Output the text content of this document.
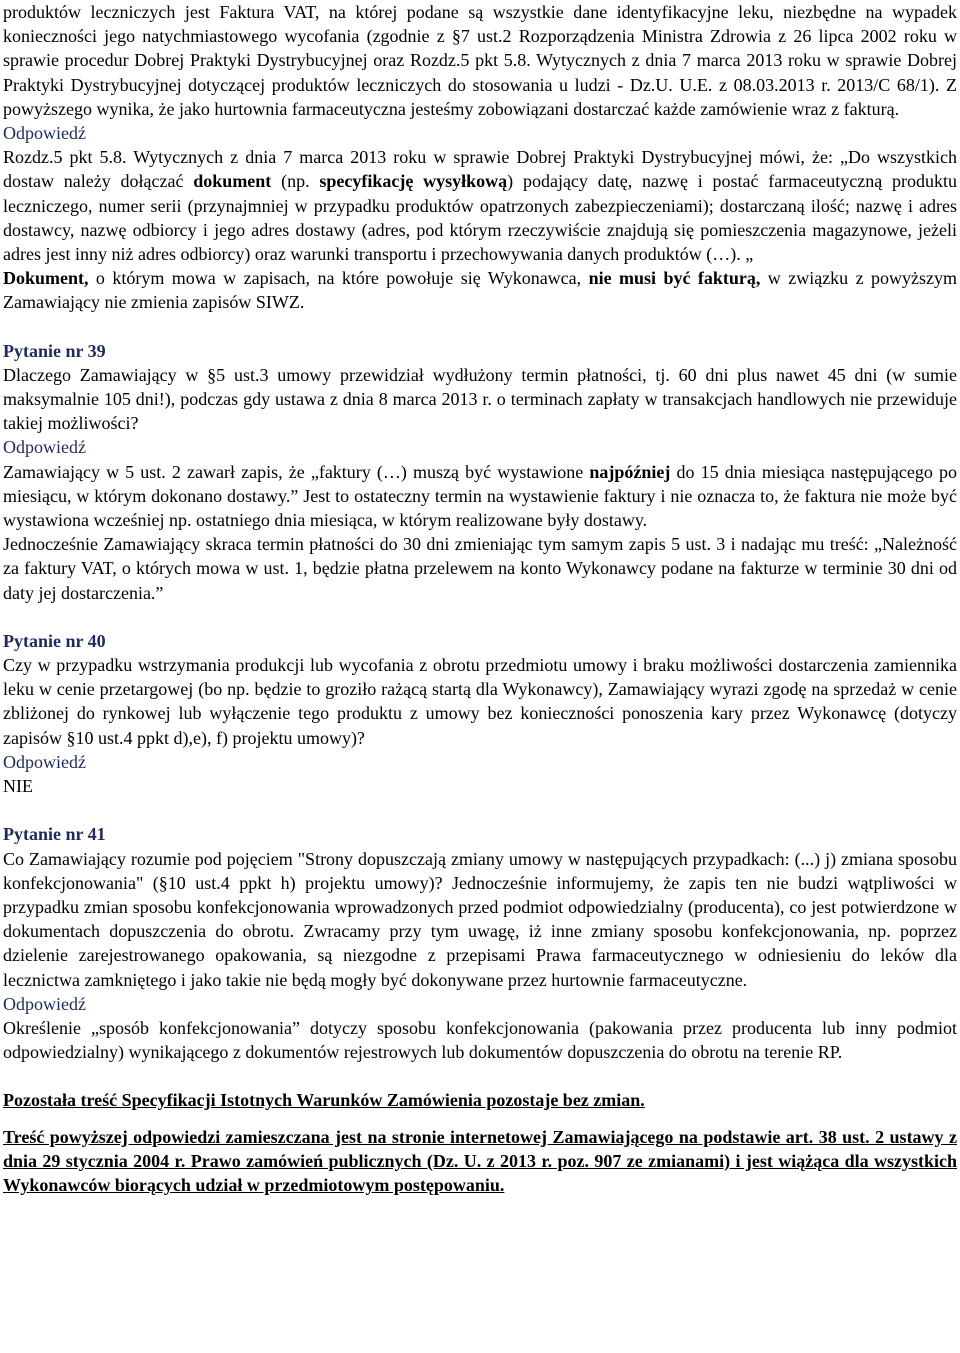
produktów leczniczych jest Faktura VAT, na której podane są wszystkie dane identyfikacyjne leku, niezbędne na wypadek konieczności jego natychmiastowego wycofania (zgodnie z §7 ust.2 Rozporządzenia Ministra Zdrowia z 26 lipca 2002 roku w sprawie procedur Dobrej Praktyki Dystrybucyjnej oraz Rozdz.5 pkt 5.8. Wytycznych z dnia 7 marca 2013 roku w sprawie Dobrej Praktyki Dystrybucyjnej dotyczącej produktów leczniczych do stosowania u ludzi - Dz.U. U.E. z 08.03.2013 r. 2013/C 68/1). Z powyższego wynika, że jako hurtownia farmaceutyczna jesteśmy zobowiązani dostarczać każde zamówienie wraz z fakturą.

Odpowiedź

Rozdz.5 pkt 5.8. Wytycznych z dnia 7 marca 2013 roku w sprawie Dobrej Praktyki Dystrybucyjnej mówi, że: „Do wszystkich dostaw należy dołączać dokument (np. specyfikację wysyłkową) podający datę, nazwę i postać farmaceutyczną produktu leczniczego, numer serii (przynajmniej w przypadku produktów opatrzonych zabezpieczeniami); dostarczaną ilość; nazwę i adres dostawcy, nazwę odbiorcy i jego adres dostawy (adres, pod którym rzeczywiście znajdują się pomieszczenia magazynowe, jeżeli adres jest inny niż adres odbiorcy) oraz warunki transportu i przechowywania danych produktów (…). „

Dokument, o którym mowa w zapisach, na które powołuje się Wykonawca, nie musi być fakturą, w związku z powyższym Zamawiający nie zmienia zapisów SIWZ.

Pytanie nr 39

Dlaczego Zamawiający w §5 ust.3 umowy przewidział wydłużony termin płatności, tj. 60 dni plus nawet 45 dni (w sumie maksymalnie 105 dni!), podczas gdy ustawa z dnia 8 marca 2013 r. o terminach zapłaty w transakcjach handlowych nie przewiduje takiej możliwości?

Odpowiedź

Zamawiający w 5 ust. 2 zawarł zapis, że „faktury (…) muszą być wystawione najpóźniej do 15 dnia miesiąca następującego po miesiącu, w którym dokonano dostawy.” Jest to ostateczny termin na wystawienie faktury i nie oznacza to, że faktura nie może być wystawiona wcześniej np. ostatniego dnia miesiąca, w którym realizowane były dostawy.

Jednocześnie Zamawiający skraca termin płatności do 30 dni zmieniając tym samym zapis 5 ust. 3 i nadając mu treść: „Należność za faktury VAT, o których mowa w ust. 1, będzie płatna przelewem na konto Wykonawcy podane na fakturze w terminie 30 dni od daty jej dostarczenia.”

Pytanie nr 40

Czy w przypadku wstrzymania produkcji lub wycofania z obrotu przedmiotu umowy i braku możliwości dostarczenia zamiennika leku w cenie przetargowej (bo np. będzie to groziło rażącą startą dla Wykonawcy), Zamawiający wyrazi zgodę na sprzedaż w cenie zbliżonej do rynkowej lub wyłączenie tego produktu z umowy bez konieczności ponoszenia kary przez Wykonawcę (dotyczy zapisów §10 ust.4 ppkt d),e), f) projektu umowy)?

Odpowiedź

NIE

Pytanie nr 41

Co Zamawiający rozumie pod pojęciem "Strony dopuszczają zmiany umowy w następujących przypadkach: (...) j) zmiana sposobu konfekcjonowania" (§10 ust.4 ppkt h) projektu umowy)? Jednocześnie informujemy, że zapis ten nie budzi wątpliwości w przypadku zmian sposobu konfekcjonowania wprowadzonych przed podmiot odpowiedzialny (producenta), co jest potwierdzone w dokumentach dopuszczenia do obrotu. Zwracamy przy tym uwagę, iż inne zmiany sposobu konfekcjonowania, np. poprzez dzielenie zarejestrowanego opakowania, są niezgodne z przepisami Prawa farmaceutycznego w odniesieniu do leków dla lecznictwa zamkniętego i jako takie nie będą mogły być dokonywane przez hurtownie farmaceutyczne.

Odpowiedź

Określenie „sposób konfekcjonowania” dotyczy sposobu konfekcjonowania (pakowania przez producenta lub inny podmiot odpowiedzialny) wynikającego z dokumentów rejestrowych lub dokumentów dopuszczenia do obrotu na terenie RP.

Pozostała treść Specyfikacji Istotnych Warunków Zamówienia pozostaje bez zmian.

Treść powyższej odpowiedzi zamieszczana jest na stronie internetowej Zamawiającego na podstawie art. 38 ust. 2 ustawy z dnia 29 stycznia 2004 r. Prawo zamówień publicznych (Dz. U. z 2013 r. poz. 907 ze zmianami) i jest wiążąca dla wszystkich Wykonawców biorących udział w przedmiotowym postępowaniu.
